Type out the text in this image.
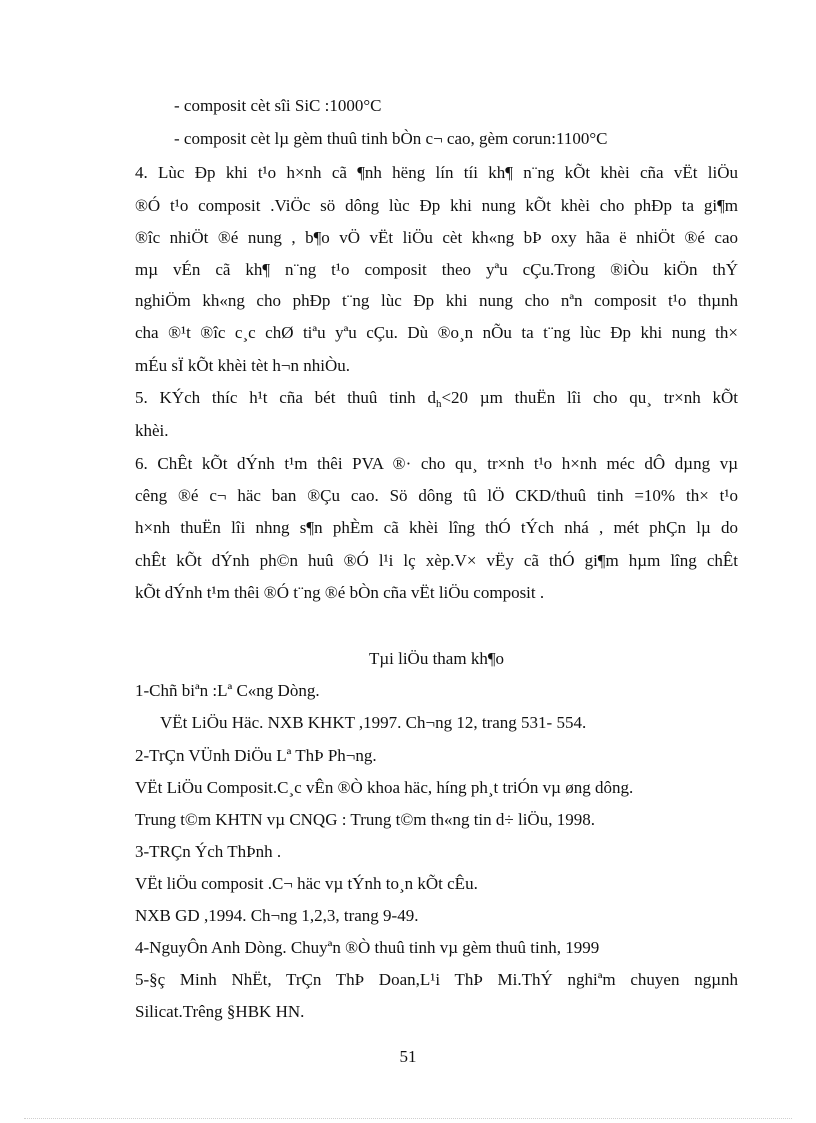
- composit cèt sîi SiC :1000°C
- composit cèt lµ gèm thuû tinh bÒn c¬ cao, gèm corun:1100°C
4. Lùc Ðp khi t¹o h×nh cã ¶nh hëng lín tíi kh¶ n¨ng kÕt khèi cña vËt liÖu
®Ó t¹o composit .ViÖc sö dông lùc Ðp khi nung kÕt khèi cho phÐp ta gi¶m
®îc nhiÖt ®é nung , b¶o vÖ vËt liÖu cèt kh«ng bÞ oxy hãa ë nhiÖt ®é cao
mµ vÉn cã kh¶ n¨ng t¹o composit theo yªu cÇu.Trong ®iÒu kiÖn thÝ
nghiÖm kh«ng cho phÐp t¨ng lùc Ðp khi nung cho nªn composit t¹o thµnh
cha ®¹t ®îc c¸c chØ tiªu yªu cÇu. Dù ®o¸n nÕu ta t¨ng lùc Ðp khi nung th×
mÉu sÏ kÕt khèi tèt h¬n nhiÒu.
5. KÝch thíc h¹t cña bét thuû tinh $d_h<20$ µm thuËn lîi cho qu¸ tr×nh kÕt
khèi.
6. ChÊt kÕt dÝnh t¹m thêi PVA ®· cho qu¸ tr×nh t¹o h×nh méc dÔ dµng vµ
cêng ®é c¬ häc ban ®Çu cao. Sö dông tû lÖ CKD/thuû tinh =10% th× t¹o
h×nh thuËn lîi nhng s¶n phÈm cã khèi lîng thÓ tÝch nhá , mét phÇn lµ do
chÊt kÕt dÝnh ph©n huû ®Ó l¹i lç xèp.V× vËy cã thÓ gi¶m hµm lîng chÊt
kÕt dÝnh t¹m thêi ®Ó t¨ng ®é bÒn cña vËt liÖu composit .
Tµi liÖu tham kh¶o
1-Chñ biªn :Lª C«ng Dòng.
VËt LiÖu Häc. NXB KHKT ,1997. Ch¬ng 12, trang 531- 554.
2-TrÇn VÜnh DiÖu Lª ThÞ Ph¬ng.
VËt LiÖu Composit.C¸c vÊn ®Ò khoa häc, híng ph¸t triÓn vµ øng dông.
Trung t©m KHTN vµ CNQG : Trung t©m th«ng tin d÷ liÖu, 1998.
3-TRÇn Ých ThÞnh .
VËt liÖu composit .C¬ häc vµ tÝnh to¸n kÕt cÊu.
NXB GD ,1994. Ch¬ng 1,2,3, trang 9-49.
4-NguyÔn Anh Dòng. Chuyªn ®Ò thuû tinh vµ gèm thuû tinh, 1999
5-§ç Minh NhËt, TrÇn ThÞ Doan,L¹i ThÞ Mi.ThÝ nghiªm chuyen ngµnh
Silicat.Trêng §HBK HN.
51
